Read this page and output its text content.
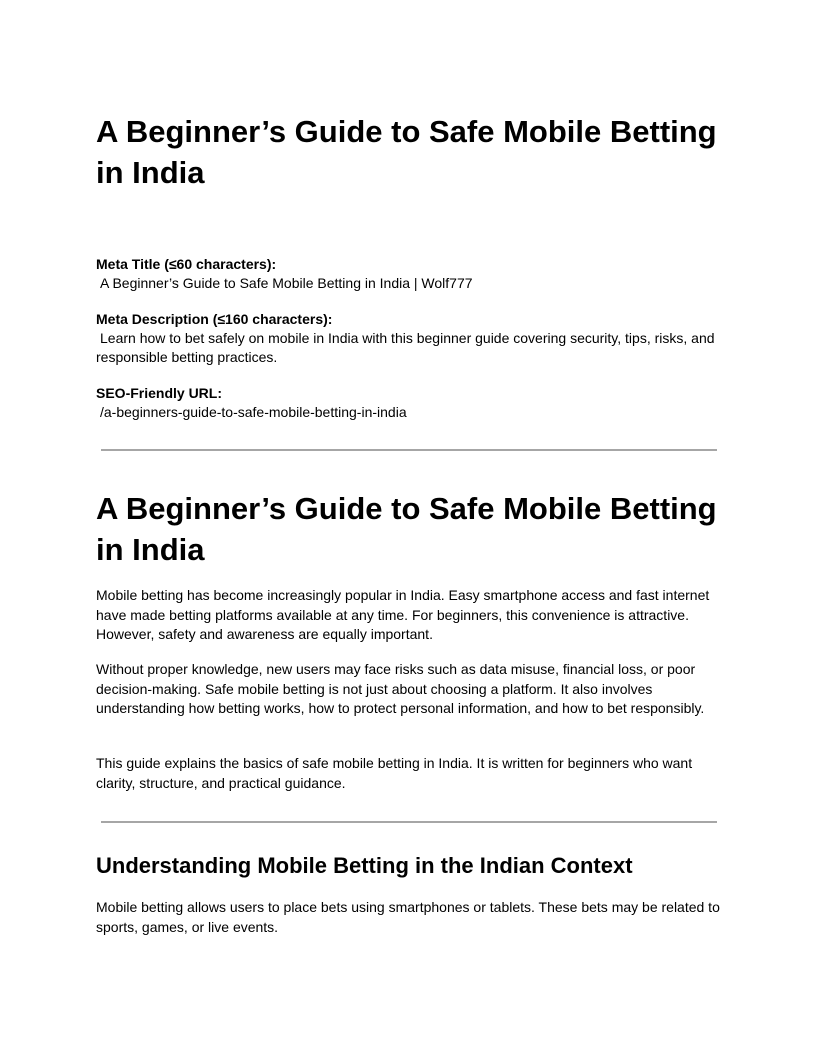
A Beginner’s Guide to Safe Mobile Betting in India
Meta Title (≤60 characters):
A Beginner’s Guide to Safe Mobile Betting in India | Wolf777
Meta Description (≤160 characters):
Learn how to bet safely on mobile in India with this beginner guide covering security, tips, risks, and responsible betting practices.
SEO-Friendly URL:
/a-beginners-guide-to-safe-mobile-betting-in-india
A Beginner’s Guide to Safe Mobile Betting in India

Mobile betting has become increasingly popular in India. Easy smartphone access and fast internet have made betting platforms available at any time. For beginners, this convenience is attractive. However, safety and awareness are equally important.

Without proper knowledge, new users may face risks such as data misuse, financial loss, or poor decision-making. Safe mobile betting is not just about choosing a platform. It also involves understanding how betting works, how to protect personal information, and how to bet responsibly.

This guide explains the basics of safe mobile betting in India. It is written for beginners who want clarity, structure, and practical guidance.

Understanding Mobile Betting in the Indian Context

Mobile betting allows users to place bets using smartphones or tablets. These bets may be related to sports, games, or live events.
